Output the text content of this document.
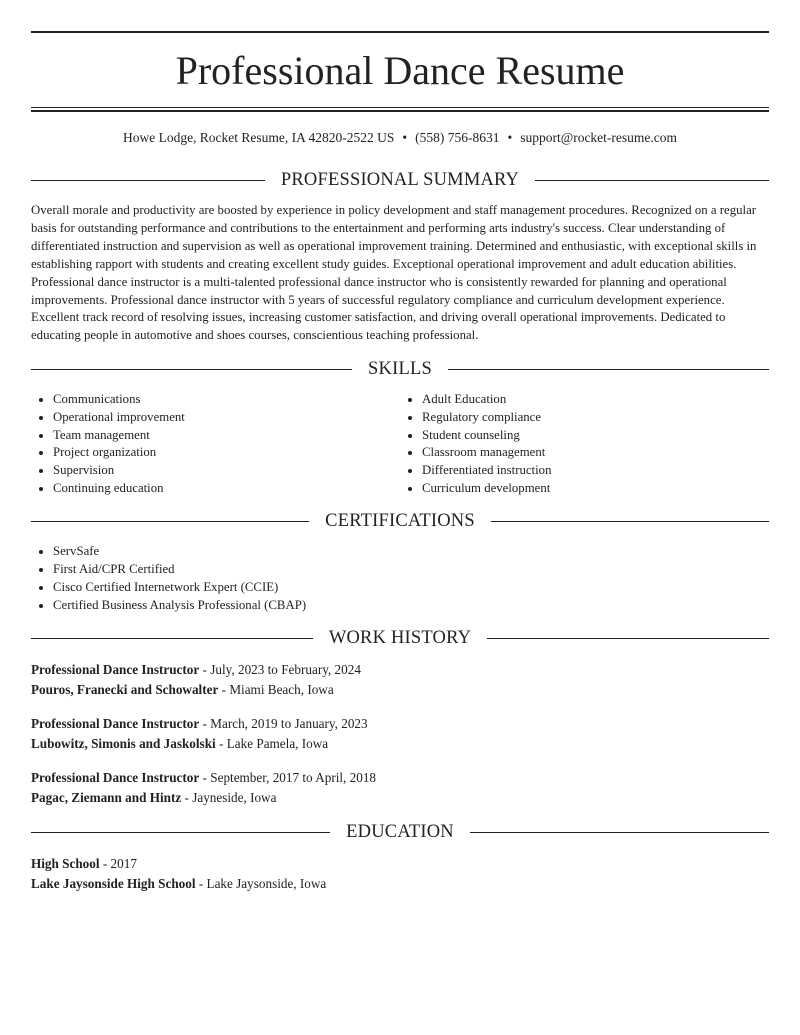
Professional Dance Resume
Howe Lodge, Rocket Resume, IA 42820-2522 US • (558) 756-8631 • support@rocket-resume.com
PROFESSIONAL SUMMARY

Overall morale and productivity are boosted by experience in policy development and staff management procedures. Recognized on a regular basis for outstanding performance and contributions to the entertainment and performing arts industry's success. Clear understanding of differentiated instruction and supervision as well as operational improvement training. Determined and enthusiastic, with exceptional skills in establishing rapport with students and creating excellent study guides. Exceptional operational improvement and adult education abilities. Professional dance instructor is a multi-talented professional dance instructor who is consistently rewarded for planning and operational improvements. Professional dance instructor with 5 years of successful regulatory compliance and curriculum development experience. Excellent track record of resolving issues, increasing customer satisfaction, and driving overall operational improvements. Dedicated to educating people in automotive and shoes courses, conscientious teaching professional.

SKILLS
• Communications
• Operational improvement
• Team management
• Project organization
• Supervision
• Continuing education
• Adult Education
• Regulatory compliance
• Student counseling
• Classroom management
• Differentiated instruction
• Curriculum development
CERTIFICATIONS
• ServSafe
• First Aid/CPR Certified
• Cisco Certified Internetwork Expert (CCIE)
• Certified Business Analysis Professional (CBAP)
WORK HISTORY
Professional Dance Instructor - July, 2023 to February, 2024
Pouros, Franecki and Schowalter - Miami Beach, Iowa
Professional Dance Instructor - March, 2019 to January, 2023
Lubowitz, Simonis and Jaskolski - Lake Pamela, Iowa
Professional Dance Instructor - September, 2017 to April, 2018
Pagac, Ziemann and Hintz - Jayneside, Iowa
EDUCATION
High School - 2017
Lake Jaysonside High School - Lake Jaysonside, Iowa
